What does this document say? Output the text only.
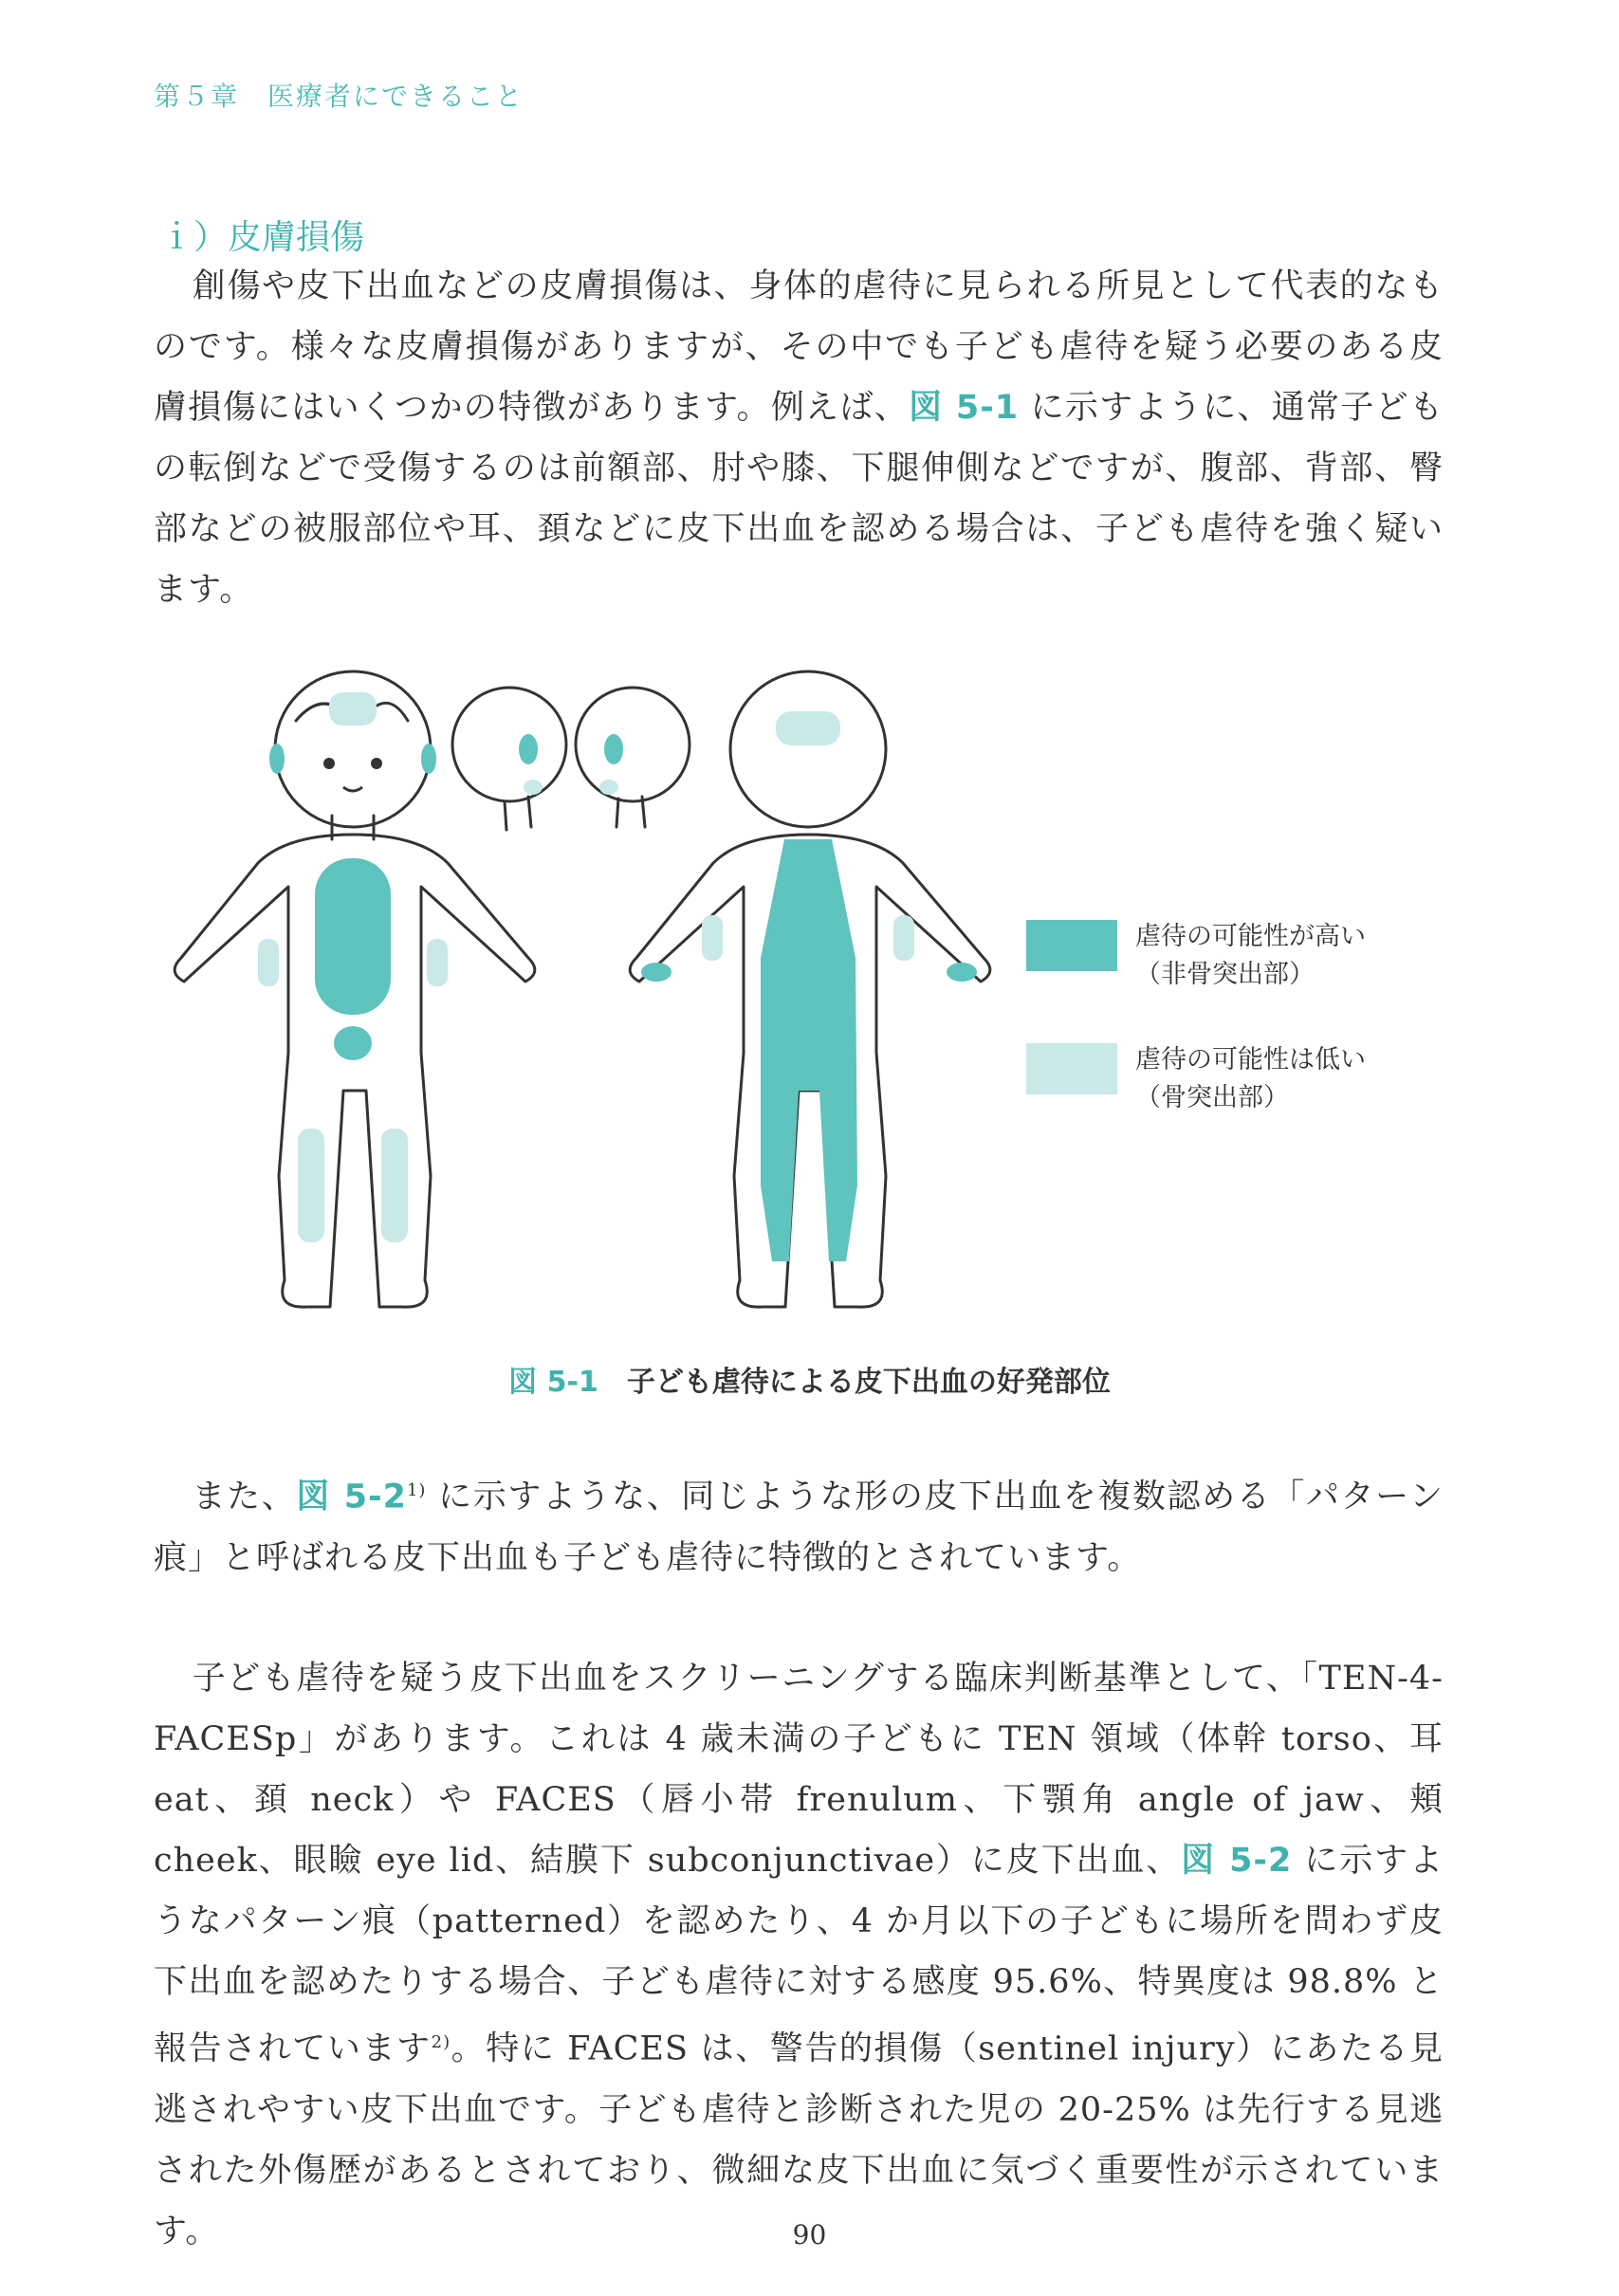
第５章　医療者にできること
ｉ）皮膚損傷
創傷や皮下出血などの皮膚損傷は、身体的虐待に見られる所見として代表的なものです。様々な皮膚損傷がありますが、その中でも子ども虐待を疑う必要のある皮膚損傷にはいくつかの特徴があります。例えば、図 5-1 に示すように、通常子どもの転倒などで受傷するのは前額部、肘や膝、下腿伸側などですが、腹部、背部、臀部などの被服部位や耳、頚などに皮下出血を認める場合は、子ども虐待を強く疑います。
虐待の可能性が高い
（非骨突出部）
虐待の可能性は低い
（骨突出部）
図 5-1 子ども虐待による皮下出血の好発部位
また、図 5-2$^{1)}$ に示すような、同じような形の皮下出血を複数認める「パターン痕」と呼ばれる皮下出血も子ども虐待に特徴的とされています。
子ども虐待を疑う皮下出血をスクリーニングする臨床判断基準として、「TEN-4-FACESp」があります。これは 4 歳未満の子どもに TEN 領域（体幹 torso、耳 eat、頚 neck）や FACES（唇小帯 frenulum、下顎角 angle of jaw、頬 cheek、眼瞼 eye lid、結膜下 subconjunctivae）に皮下出血、図 5-2 に示すようなパターン痕（patterned）を認めたり、4 か月以下の子どもに場所を問わず皮下出血を認めたりする場合、子ども虐待に対する感度 95.6%、特異度は 98.8% と報告されています$^{2)}$。特に FACES は、警告的損傷（sentinel injury）にあたる見逃されやすい皮下出血です。子ども虐待と診断された児の 20-25% は先行する見逃された外傷歴があるとされており、微細な皮下出血に気づく重要性が示されています。	90
